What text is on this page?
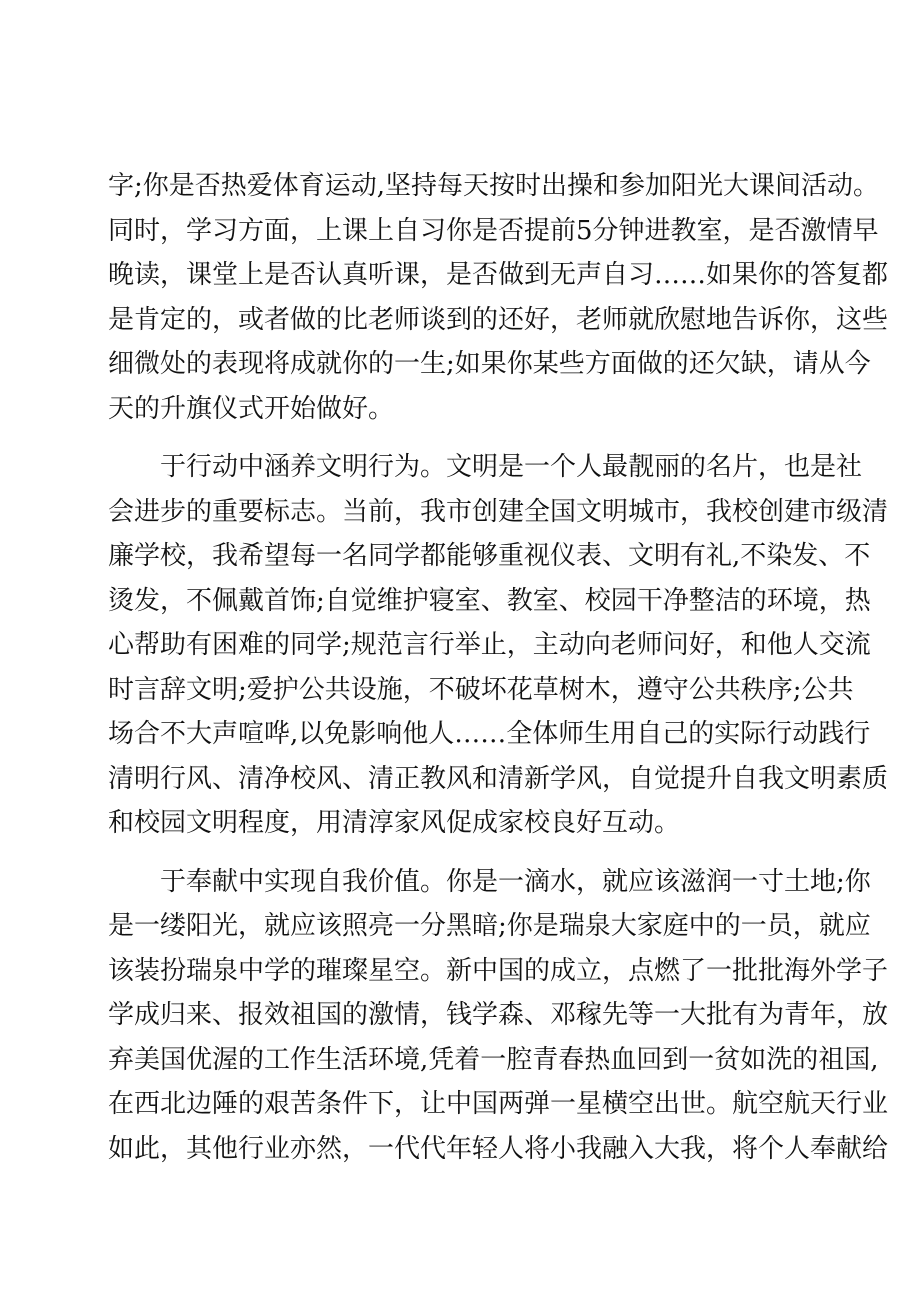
字;你是否热爱体育运动,坚持每天按时出操和参加阳光大课间活动。
同时，学习方面，上课上自习你是否提前5分钟进教室，是否激情早
晚读，课堂上是否认真听课，是否做到无声自习……如果你的答复都
是肯定的，或者做的比老师谈到的还好，老师就欣慰地告诉你，这些
细微处的表现将成就你的一生;如果你某些方面做的还欠缺，请从今
天的升旗仪式开始做好。
　　于行动中涵养文明行为。文明是一个人最靓丽的名片，也是社
会进步的重要标志。当前，我市创建全国文明城市，我校创建市级清
廉学校，我希望每一名同学都能够重视仪表、文明有礼,不染发、不
烫发，不佩戴首饰;自觉维护寝室、教室、校园干净整洁的环境，热
心帮助有困难的同学;规范言行举止，主动向老师问好，和他人交流
时言辞文明;爱护公共设施，不破坏花草树木，遵守公共秩序;公共
场合不大声喧哗,以免影响他人……全体师生用自己的实际行动践行
清明行风、清净校风、清正教风和清新学风，自觉提升自我文明素质
和校园文明程度，用清淳家风促成家校良好互动。
　　于奉献中实现自我价值。你是一滴水，就应该滋润一寸土地;你
是一缕阳光，就应该照亮一分黑暗;你是瑞泉大家庭中的一员，就应
该装扮瑞泉中学的璀璨星空。新中国的成立，点燃了一批批海外学子
学成归来、报效祖国的激情，钱学森、邓稼先等一大批有为青年，放
弃美国优渥的工作生活环境,凭着一腔青春热血回到一贫如洗的祖国,
在西北边陲的艰苦条件下，让中国两弹一星横空出世。航空航天行业
如此，其他行业亦然，一代代年轻人将小我融入大我，将个人奉献给
